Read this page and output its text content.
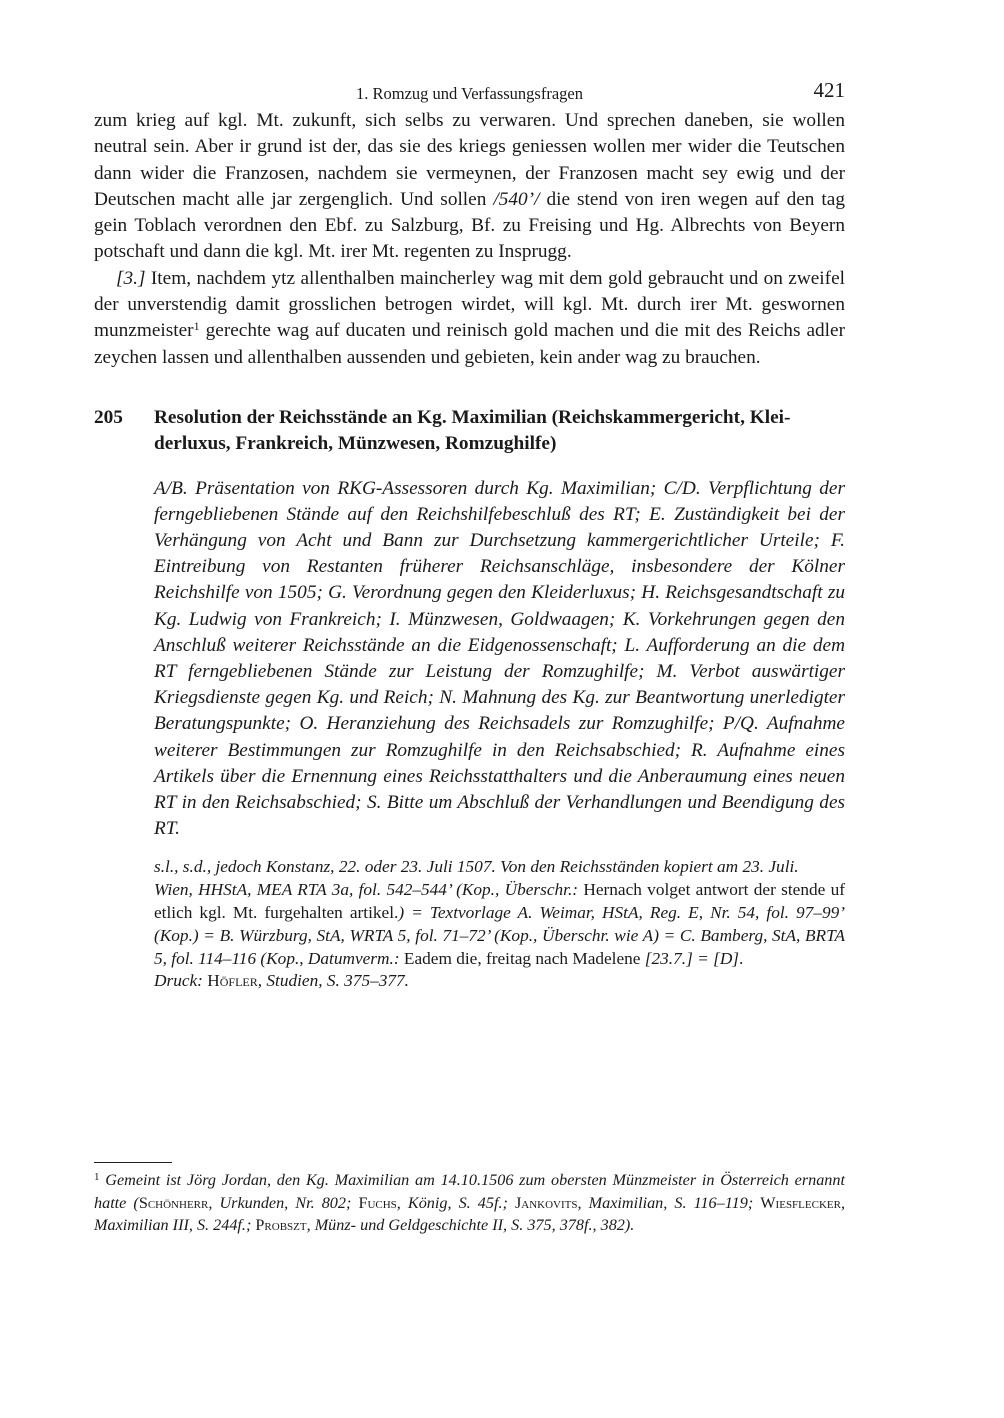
1. Romzug und Verfassungsfragen	421

zum krieg auf kgl. Mt. zukunft, sich selbs zu verwaren. Und sprechen daneben, sie wollen neutral sein. Aber ir grund ist der, das sie des kriegs geniessen wollen mer wider die Teutschen dann wider die Franzosen, nachdem sie vermeynen, der Franzosen macht sey ewig und der Deutschen macht alle jar zergenglich. Und sollen /540’/ die stend von iren wegen auf den tag gein Toblach verordnen den Ebf. zu Salzburg, Bf. zu Freising und Hg. Albrechts von Beyern potschaft und dann die kgl. Mt. irer Mt. regenten zu Insprugg.

[3.] Item, nachdem ytz allenthalben maincherley wag mit dem gold gebraucht und on zweifel der unverstendig damit grosslichen betrogen wirdet, will kgl. Mt. durch irer Mt. geswornen munzmeister$^1$ gerechte wag auf ducaten und reinisch gold machen und die mit des Reichs adler zeychen lassen und allenthalben aussenden und gebieten, kein ander wag zu brauchen.

205	Resolution der Reichsstände an Kg. Maximilian (Reichskammergericht, Klei-
derluxus, Frankreich, Münzwesen, Romzughilfe)

A/B. Präsentation von RKG-Assessoren durch Kg. Maximilian; C/D. Verpflichtung der ferngebliebenen Stände auf den Reichshilfebeschluß des RT; E. Zuständigkeit bei der Verhängung von Acht und Bann zur Durchsetzung kammergerichtlicher Urteile; F. Eintreibung von Restanten früherer Reichsanschläge, insbesondere der Kölner Reichshilfe von 1505; G. Verordnung gegen den Kleiderluxus; H. Reichsgesandtschaft zu Kg. Ludwig von Frankreich; I. Münzwesen, Goldwaagen; K. Vorkehrungen gegen den Anschluß weiterer Reichsstände an die Eidgenossenschaft; L. Aufforderung an die dem RT ferngebliebenen Stände zur Leistung der Romzughilfe; M. Verbot auswärtiger Kriegsdienste gegen Kg. und Reich; N. Mahnung des Kg. zur Beantwortung unerledigter Beratungspunkte; O. Heranziehung des Reichsadels zur Romzughilfe; P/Q. Aufnahme weiterer Bestimmungen zur Romzughilfe in den Reichsabschied; R. Aufnahme eines Artikels über die Ernennung eines Reichsstatthalters und die Anberaumung eines neuen RT in den Reichsabschied; S. Bitte um Abschluß der Verhandlungen und Beendigung des RT.

s.l., s.d., jedoch Konstanz, 22. oder 23. Juli 1507. Von den Reichsständen kopiert am 23. Juli.

Wien, HHStA, MEA RTA 3a, fol. 542–544’ (Kop., Überschr.: Hernach volget antwort der stende uf etlich kgl. Mt. furgehalten artikel.) = Textvorlage A. Weimar, HStA, Reg. E, Nr. 54, fol. 97–99’ (Kop.) = B. Würzburg, StA, WRTA 5, fol. 71–72’ (Kop., Überschr. wie A) = C. Bamberg, StA, BRTA 5, fol. 114–116 (Kop., Datumverm.: Eadem die, freitag nach Madelene [23.7.] = [D].

Druck: Höfler, Studien, S. 375–377.

$^1$ Gemeint ist Jörg Jordan, den Kg. Maximilian am 14.10.1506 zum obersten Münzmeister in Österreich ernannt hatte (Schönherr, Urkunden, Nr. 802; Fuchs, König, S. 45f.; Jankovits, Maximilian, S. 116–119; Wiesflecker, Maximilian III, S. 244f.; Probszt, Münz- und Geldgeschichte II, S. 375, 378f., 382).
